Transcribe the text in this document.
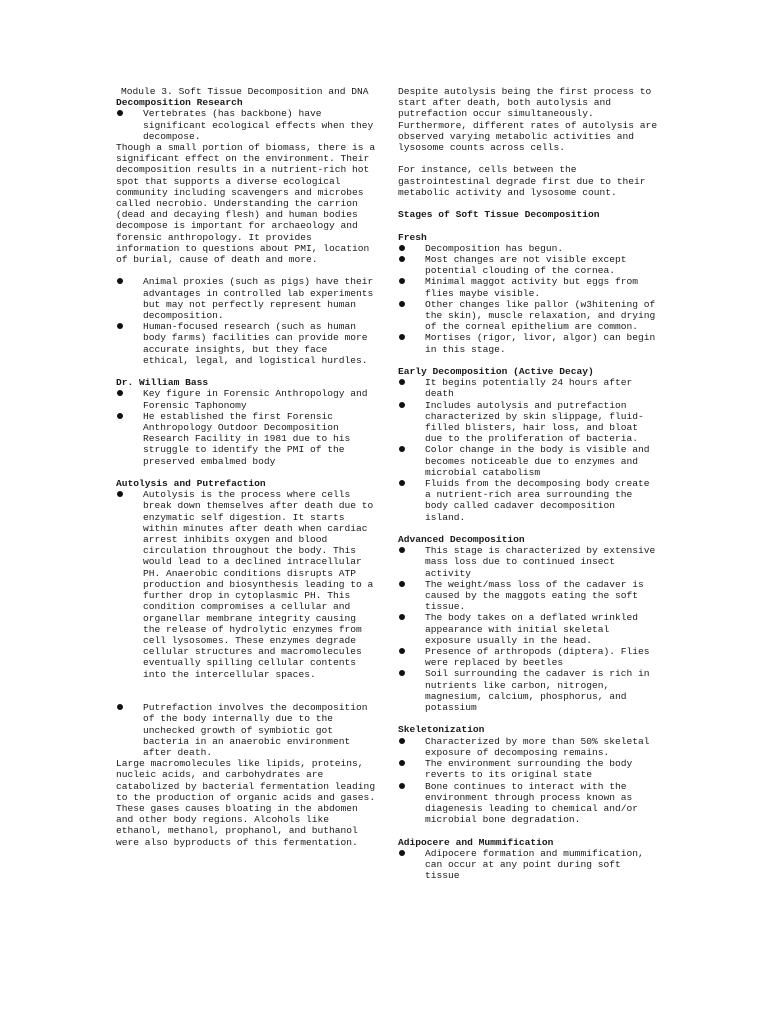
Module 3. Soft Tissue Decomposition and DNA

Decomposition Research
Vertebrates (has backbone) have significant ecological effects when they decompose.

Though a small portion of biomass, there is a significant effect on the environment. Their decomposition results in a nutrient-rich hot spot that supports a diverse ecological community including scavengers and microbes called necrobio. Understanding the carrion (dead and decaying flesh) and human bodies decompose is important for archaeology and forensic anthropology. It provides information to questions about PMI, location of burial, cause of death and more.

Animal proxies (such as pigs) have their advantages in controlled lab experiments but may not perfectly represent human decomposition.
Human-focused research (such as human body farms) facilities can provide more accurate insights, but they face ethical, legal, and logistical hurdles.
Dr. William Bass
Key figure in Forensic Anthropology and Forensic Taphonomy
He established the first Forensic Anthropology Outdoor Decomposition Research Facility in 1981 due to his struggle to identify the PMI of the preserved embalmed body
Autolysis and Putrefaction
Autolysis is the process where cells break down themselves after death due to enzymatic self digestion. It starts within minutes after death when cardiac arrest inhibits oxygen and blood circulation throughout the body. This would lead to a declined intracellular PH. Anaerobic conditions disrupts ATP production and biosynthesis leading to a further drop in cytoplasmic PH. This condition compromises a cellular and organellar membrane integrity causing the release of hydrolytic enzymes from cell lysosomes. These enzymes degrade cellular structures and macromolecules eventually spilling cellular contents into the intercellular spaces.
Putrefaction involves the decomposition of the body internally due to the unchecked growth of symbiotic got bacteria in an anaerobic environment after death.

Large macromolecules like lipids, proteins, nucleic acids, and carbohydrates are catabolized by bacterial fermentation leading to the production of organic acids and gases. These gases causes bloating in the abdomen and other body regions. Alcohols like ethanol, methanol, prophanol, and buthanol were also byproducts of this fermentation.

Despite autolysis being the first process to start after death, both autolysis and putrefaction occur simultaneously. Furthermore, different rates of autolysis are observed varying metabolic activities and lysosome counts across cells.

For instance, cells between the gastrointestinal degrade first due to their metabolic activity and lysosome count.

Stages of Soft Tissue Decomposition
Fresh
Decomposition has begun.
Most changes are not visible except potential clouding of the cornea.
Minimal maggot activity but eggs from flies maybe visible.
Other changes like pallor (w3hitening of the skin), muscle relaxation, and drying of the corneal epithelium are common.
Mortises (rigor, livor, algor) can begin in this stage.
Early Decomposition (Active Decay)
It begins potentially 24 hours after death
Includes autolysis and putrefaction characterized by skin slippage, fluid-filled blisters, hair loss, and bloat due to the proliferation of bacteria.
Color change in the body is visible and becomes noticeable due to enzymes and microbial catabolism
Fluids from the decomposing body create a nutrient-rich area surrounding the body called cadaver decomposition island.
Advanced Decomposition
This stage is characterized by extensive mass loss due to continued insect activity
The weight/mass loss of the cadaver is caused by the maggots eating the soft tissue.
The body takes on a deflated wrinkled appearance with initial skeletal exposure usually in the head.
Presence of arthropods (diptera). Flies were replaced by beetles
Soil surrounding the cadaver is rich in nutrients like carbon, nitrogen, magnesium, calcium, phosphorus, and potassium
Skeletonization
Characterized by more than 50% skeletal exposure of decomposing remains.
The environment surrounding the body reverts to its original state
Bone continues to interact with the environment through process known as diagenesis leading to chemical and/or microbial bone degradation.
Adipocere and Mummification
Adipocere formation and mummification, can occur at any point during soft tissue
